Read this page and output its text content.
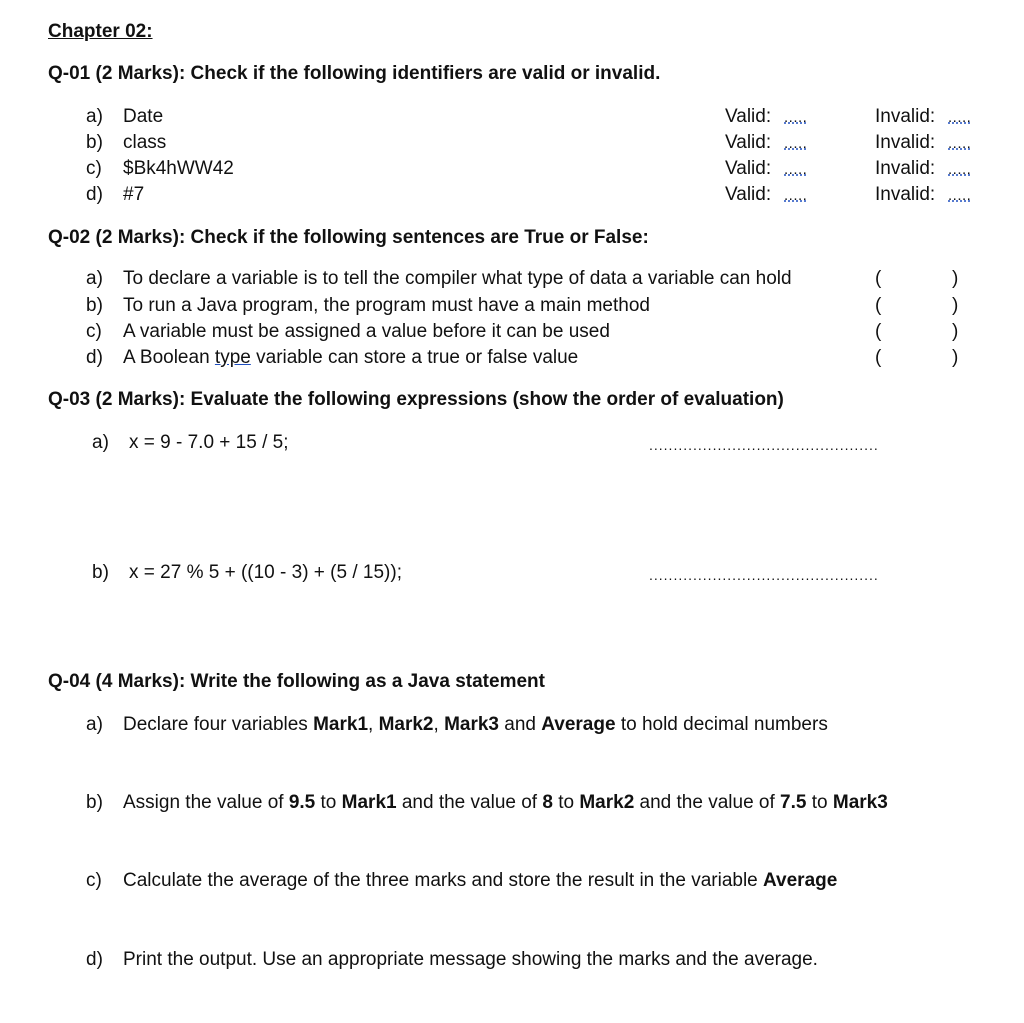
Chapter 02:
Q-01 (2 Marks): Check if the following identifiers are valid or invalid.
a) Date	Valid: .....	Invalid: .....
b) class	Valid: .....	Invalid: .....
c) $Bk4hWW42	Valid: .....	Invalid: .....
d) #7	Valid: .....	Invalid: .....
Q-02 (2 Marks): Check if the following sentences are True or False:
a) To declare a variable is to tell the compiler what type of data a variable can hold	(	)
b) To run a Java program, the program must have a main method	(	)
c) A variable must be assigned a value before it can be used	(	)
d) A Boolean type variable can store a true or false value	(	)
Q-03 (2 Marks): Evaluate the following expressions (show the order of evaluation)
a) x = 9 - 7.0 + 15 / 5;	...............................................
b) x = 27 % 5 + ((10 - 3) + (5 / 15));	...............................................
Q-04 (4 Marks): Write the following as a Java statement
a) Declare four variables Mark1, Mark2, Mark3 and Average to hold decimal numbers
b) Assign the value of 9.5 to Mark1 and the value of 8 to Mark2 and the value of 7.5 to Mark3
c) Calculate the average of the three marks and store the result in the variable Average
d) Print the output. Use an appropriate message showing the marks and the average.
